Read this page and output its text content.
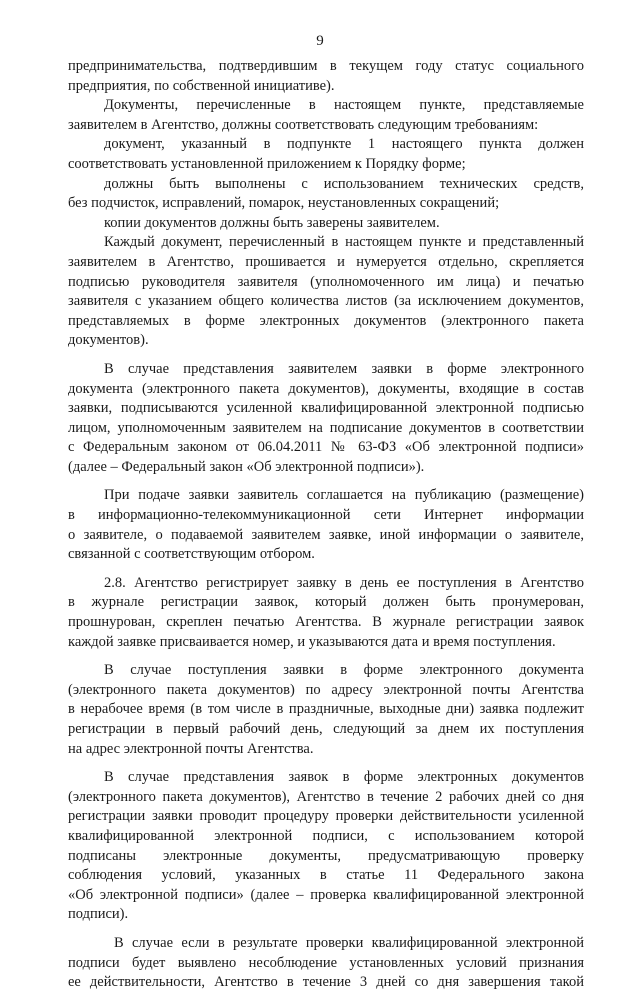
9

предпринимательства, подтвердившим в текущем году статус социального

предприятия, по собственной инициативе).

Документы, перечисленные в настоящем пункте, представляемые

заявителем в Агентство, должны соответствовать следующим требованиям:

документ, указанный в подпункте 1 настоящего пункта должен

соответствовать установленной приложением к Порядку форме;

должны быть выполнены с использованием технических средств,

без подчисток, исправлений, помарок, неустановленных сокращений;

копии документов должны быть заверены заявителем.

Каждый документ, перечисленный в настоящем пункте и представленный

заявителем в Агентство, прошивается и нумеруется отдельно, скрепляется

подписью руководителя заявителя (уполномоченного им лица) и печатью

заявителя с указанием общего количества листов (за исключением документов,

представляемых в форме электронных документов (электронного пакета

документов).

В случае представления заявителем заявки в форме электронного

документа (электронного пакета документов), документы, входящие в состав

заявки, подписываются усиленной квалифицированной электронной подписью

лицом, уполномоченным заявителем на подписание документов в соответствии

с Федеральным законом от 06.04.2011 № 63-ФЗ «Об электронной подписи»

(далее – Федеральный закон «Об электронной подписи»).

При подаче заявки заявитель соглашается на публикацию (размещение)

в информационно-телекоммуникационной сети Интернет информации

о заявителе, о подаваемой заявителем заявке, иной информации о заявителе,

связанной с соответствующим отбором.

2.8. Агентство регистрирует заявку в день ее поступления в Агентство

в журнале регистрации заявок, который должен быть пронумерован,

прошнурован, скреплен печатью Агентства. В журнале регистрации заявок

каждой заявке присваивается номер, и указываются дата и время поступления.

В случае поступления заявки в форме электронного документа

(электронного пакета документов) по адресу электронной почты Агентства

в нерабочее время (в том числе в праздничные, выходные дни) заявка подлежит

регистрации в первый рабочий день, следующий за днем их поступления

на адрес электронной почты Агентства.

В случае представления заявок в форме электронных документов

(электронного пакета документов), Агентство в течение 2 рабочих дней со дня

регистрации заявки проводит процедуру проверки действительности усиленной

квалифицированной электронной подписи, с использованием которой

подписаны электронные документы, предусматривающую проверку

соблюдения условий, указанных в статье 11 Федерального закона

«Об электронной подписи» (далее – проверка квалифицированной электронной

подписи).

В случае если в результате проверки квалифицированной электронной

подписи будет выявлено несоблюдение установленных условий признания

ее действительности, Агентство в течение 3 дней со дня завершения такой
